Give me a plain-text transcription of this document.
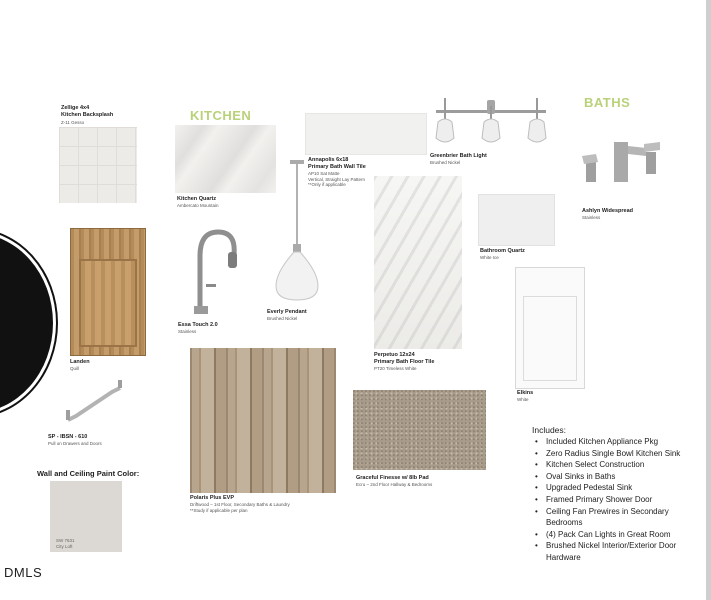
KITCHEN
BATHS
Zellige 4x4
Kitchen Backsplash
Z-11 Gesso
Kitchen Quartz
Ambercato Mountain
Annapolis 6x18
Primary Bath Wall Tile
AP10 Sat Matte
Vertical, Straight Lay Pattern
**Only if applicable
Greenbrier Bath Light
Brushed Nickel
Ashlyn Widespread
Stainless
Landen
Quill
Essa Touch 2.0
Stainless
Everly Pendant
Brushed Nickel
Perpetuo 12x24
Primary Bath Floor Tile
PT20 Timeless White
Bathroom Quartz
White Ice
Elkins
White
SP - IBSN - 610
Pull on Drawers and Doors
Polaris Plus EVP
Driftwood – 1st Floor, Secondary Baths & Laundry
**Study if applicable per plan
Graceful Finesse w/ 8lb Pad
Ecru – 2nd Floor Hallway & Bedrooms
Wall and Ceiling Paint Color:
SW 7631
City Loft
Includes:
• Included Kitchen Appliance Pkg
• Zero Radius Single Bowl Kitchen Sink
• Kitchen Select Construction
• Oval Sinks in Baths
• Upgraded Pedestal Sink
• Framed Primary Shower Door
• Ceiling Fan Prewires in Secondary Bedrooms
• (4) Pack Can Lights in Great Room
• Brushed Nickel Interior/Exterior Door Hardware
DMLS
